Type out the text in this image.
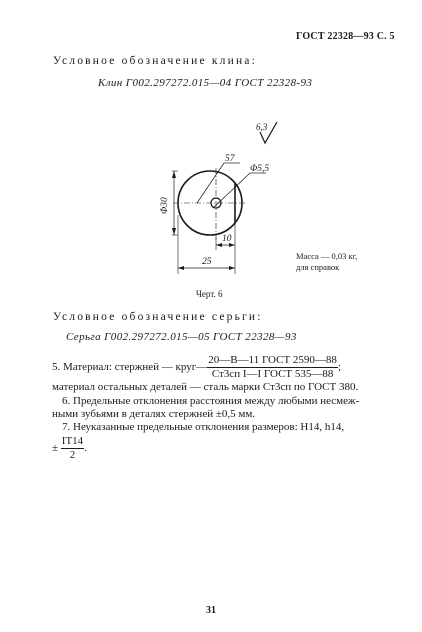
ГОСТ 22328—93 С. 5
Условное обозначение клина:
Клин Г002.297272.015—04 ГОСТ 22328-93
6,3
Φ5,5
57
Φ30
10
25
Масса — 0,03 кг,
для справок
Черт. 6
Условное обозначение серьги:
Серьга Г002.297272.015—05 ГОСТ 22328—93
5. Материал: стержней — круг— $\frac{\text{20—В—11 ГОСТ 2590—88}}{\text{Ст3сп I—I ГОСТ 535—88}}$ ;
материал остальных деталей — сталь марки Ст3сп по ГОСТ 380.
6. Предельные отклонения расстояния между любыми несмеж-
ными зубьями в деталях стержней ±0,5 мм.
7. Неуказанные предельные отклонения размеров: Н14, h14,
± $\frac{IT14}{2}$ .
31
